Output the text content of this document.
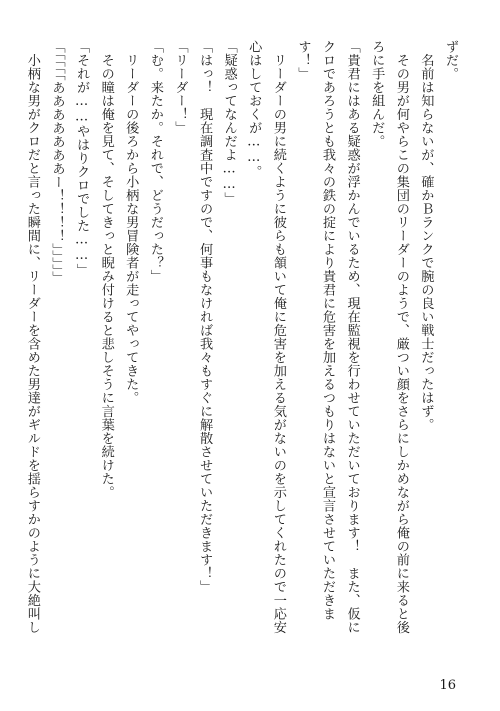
ずだ。
　名前は知らないが、確かＢランクで腕の良い戦士だったはず。
　その男が何やらこの集団のリーダーのようで、厳つい顔をさらにしかめながら俺の前に来ると後
ろに手を組んだ。
「貴君にはある疑惑が浮かんでいるため、現在監視を行わせていただいております！　また、仮に
クロであろうとも我々の鉄の掟により貴君に危害を加えるつもりはないと宣言させていただきま
す！」
　リーダーの男に続くように彼らも頷いて俺に危害を加える気がないのを示してくれたので一応安
心はしておくが……。
「疑惑ってなんだよ……」
「はっ！　現在調査中ですので、何事もなければ我々もすぐに解散させていただきます！」
「リーダー！」
「む。来たか。それで、どうだった？」
　リーダーの後ろから小柄な男冒険者が走ってやってきた。
　その瞳は俺を見て、そしてきっと睨み付けると悲しそうに言葉を続けた。
「それが……やはりクロでした……」
「「「「「あああああああー！！！！」」」」」
　小柄な男がクロだと言った瞬間に、リーダーを含めた男達がギルドを揺らすかのように大絶叫し
16
